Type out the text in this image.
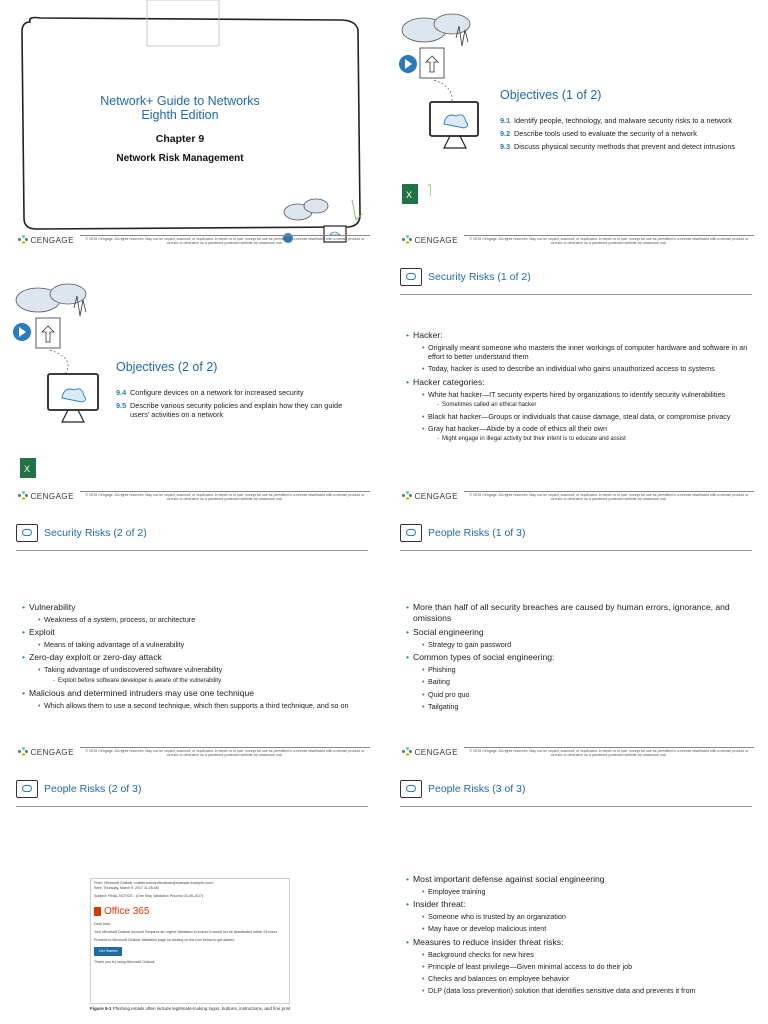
Network+ Guide to Networks
Eighth Edition
Chapter 9
Network Risk Management
CENGAGE	© 2019 Cengage. All rights reserved. May not be copied, scanned, or duplicated, in whole or in part, except for use as permitted in a license distributed with a certain product or service or otherwise on a password-protected website for classroom use.
X
Objectives (1 of 2)
9.1 Identify people, technology, and malware security risks to a network
9.2 Describe tools used to evaluate the security of a network
9.3 Discuss physical security methods that prevent and detect intrusions
CENGAGE	© 2019 Cengage. All rights reserved. May not be copied, scanned, or duplicated, in whole or in part, except for use as permitted in a license distributed with a certain product or service or otherwise on a password-protected website for classroom use.
X
Objectives (2 of 2)
9.4 Configure devices on a network for increased security
9.5 Describe various security policies and explain how they can guide users' activities on a network
CENGAGE	© 2019 Cengage. All rights reserved. May not be copied, scanned, or duplicated, in whole or in part, except for use as permitted in a license distributed with a certain product or service or otherwise on a password-protected website for classroom use.
Security Risks (1 of 2)
• Hacker:
• Originally meant someone who masters the inner workings of computer hardware and software in an effort to better understand them
• Today, hacker is used to describe an individual who gains unauthorized access to systems
• Hacker categories:
• White hat hacker—IT security experts hired by organizations to identify security vulnerabilities
- Sometimes called an ethical hacker
• Black hat hacker—Groups or individuals that cause damage, steal data, or compromise privacy
• Gray hat hacker—Abide by a code of ethics all their own
- Might engage in illegal activity but their intent is to educate and assist
CENGAGE	© 2019 Cengage. All rights reserved. May not be copied, scanned, or duplicated, in whole or in part, except for use as permitted in a license distributed with a certain product or service or otherwise on a password-protected website for classroom use.
Security Risks (2 of 2)
• Vulnerability
• Weakness of a system, process, or architecture
• Exploit
• Means of taking advantage of a vulnerability
• Zero-day exploit or zero-day attack
• Taking advantage of undiscovered software vulnerability
- Exploit before software developer is aware of the vulnerability
• Malicious and determined intruders may use one technique
• Which allows them to use a second technique, which then supports a third technique, and so on
CENGAGE	© 2019 Cengage. All rights reserved. May not be copied, scanned, or duplicated, in whole or in part, except for use as permitted in a license distributed with a certain product or service or otherwise on a password-protected website for classroom use.
People Risks (1 of 3)
• More than half of all security breaches are caused by human errors, ignorance, and omissions
• Social engineering
• Strategy to gain password
• Common types of social engineering:
• Phishing
• Baiting
• Quid pro quo
• Tailgating
CENGAGE	© 2019 Cengage. All rights reserved. May not be copied, scanned, or duplicated, in whole or in part, except for use as permitted in a license distributed with a certain product or service or otherwise on a password-protected website for classroom use.
People Risks (2 of 3)
From: Microsoft Outlook <mailto:microsoftoutlook@example.example.com>
Sent: Thursday, March 9, 2017 11:25 AM
Subject: FINAL NOTICE - (One Stop Validation Process 03-09-2017)
Office 365
Dear User,
Your Microsoft Outlook Account Requires an Urgent Validation to ensure it would not be deactivated within 24 hours
Proceed to Microsoft Outlook Validation page by clicking on the icon below to get started
Get Started
Thank you for using Microsoft Outlook
Figure 9-1 Phishing emails often include legitimate-looking logos, buttons, instructions, and fine print
People Risks (3 of 3)
• Most important defense against social engineering
• Employee training
• Insider threat:
• Someone who is trusted by an organization
• May have or develop malicious intent
• Measures to reduce insider threat risks:
• Background checks for new hires
• Principle of least privilege—Given minimal access to do their job
• Checks and balances on employee behavior
• DLP (data loss prevention) solution that identifies sensitive data and prevents it from
